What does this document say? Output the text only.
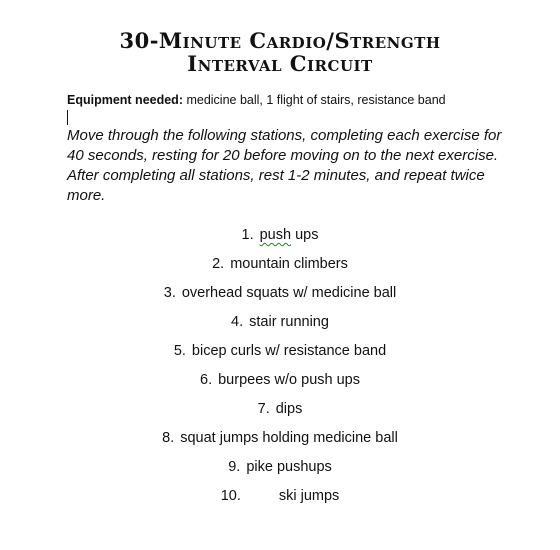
30-Minute Cardio/Strength
Interval Circuit
Equipment needed: medicine ball, 1 flight of stairs, resistance band
Move through the following stations, completing each exercise for
40 seconds, resting for 20 before moving on to the next exercise.
After completing all stations, rest 1-2 minutes, and repeat twice
more.
1. push ups
2. mountain climbers
3. overhead squats w/ medicine ball
4. stair running
5. bicep curls w/ resistance band
6. burpees w/o push ups
7. dips
8. squat jumps holding medicine ball
9. pike pushups
10.	ski jumps
